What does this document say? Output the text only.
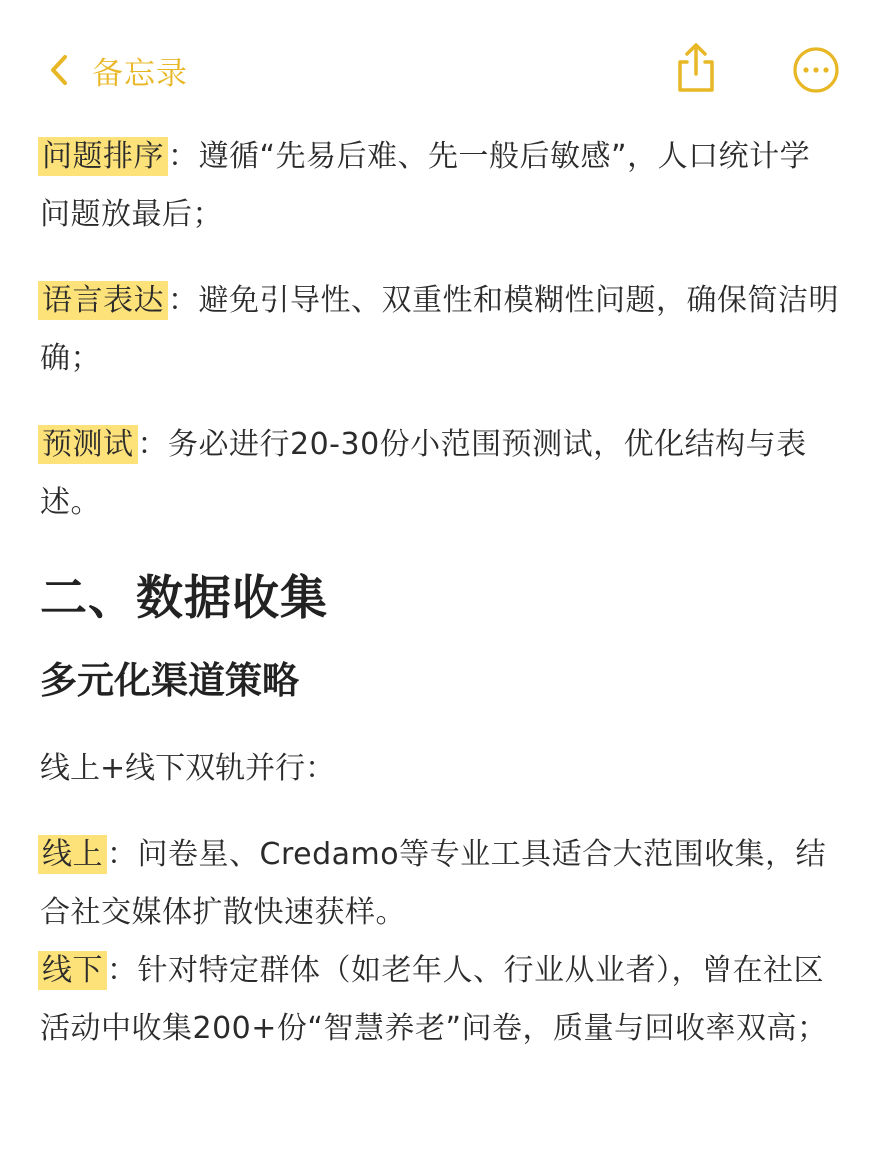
备忘录

问题排序 ：遵循“先易后难、先一般后敏感”，人口统计学问题放最后；

语言表达 ：避免引导性、双重性和模糊性问题，确保简洁明确；

预测试 ：务必进行20-30份小范围预测试，优化结构与表述。

二、数据收集
多元化渠道策略

线上+线下双轨并行：

线上 ：问卷星、Credamo等专业工具适合大范围收集，结合社交媒体扩散快速获样。

线下 ：针对特定群体（如老年人、行业从业者），曾在社区活动中收集200+份“智慧养老”问卷，质量与回收率双高；
